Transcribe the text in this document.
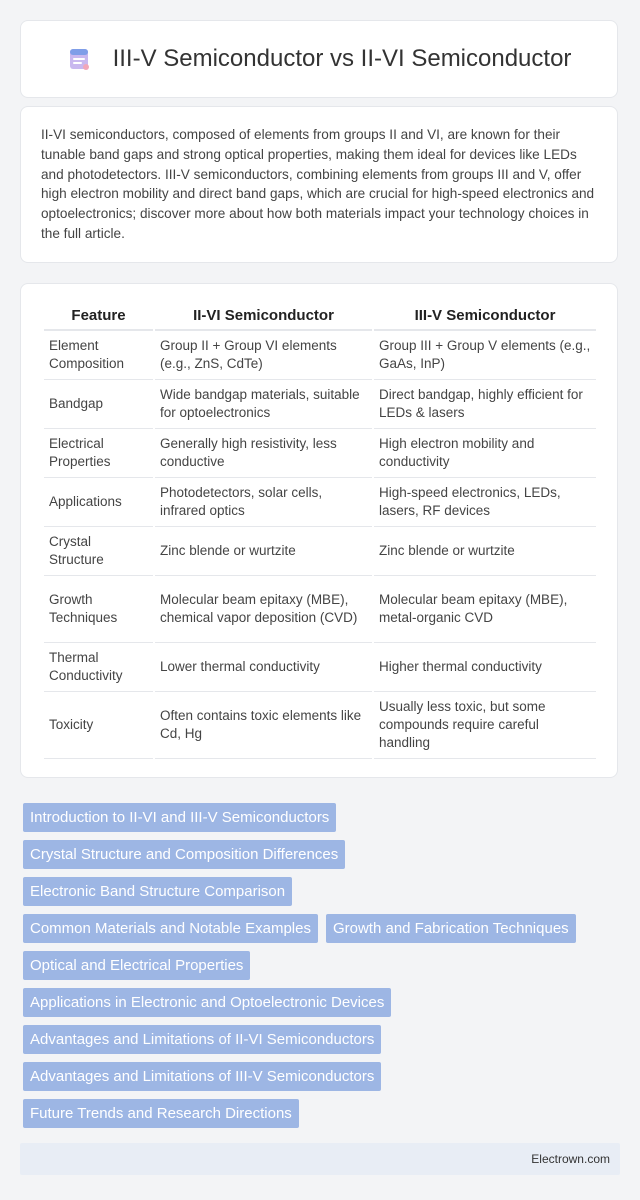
III-V Semiconductor vs II-VI Semiconductor

II-VI semiconductors, composed of elements from groups II and VI, are known for their tunable band gaps and strong optical properties, making them ideal for devices like LEDs and photodetectors. III-V semiconductors, combining elements from groups III and V, offer high electron mobility and direct band gaps, which are crucial for high-speed electronics and optoelectronics; discover more about how both materials impact your technology choices in the full article.

Feature	II-VI Semiconductor	III-V Semiconductor
Element Composition	Group II + Group VI elements (e.g., ZnS, CdTe)	Group III + Group V elements (e.g., GaAs, InP)
Bandgap	Wide bandgap materials, suitable for optoelectronics	Direct bandgap, highly efficient for LEDs & lasers
Electrical Properties	Generally high resistivity, less conductive	High electron mobility and conductivity
Applications	Photodetectors, solar cells, infrared optics	High-speed electronics, LEDs, lasers, RF devices
Crystal Structure	Zinc blende or wurtzite	Zinc blende or wurtzite
Growth Techniques	Molecular beam epitaxy (MBE), chemical vapor deposition (CVD)	Molecular beam epitaxy (MBE), metal-organic CVD
Thermal Conductivity	Lower thermal conductivity	Higher thermal conductivity
Toxicity	Often contains toxic elements like Cd, Hg	Usually less toxic, but some compounds require careful handling
Introduction to II-VI and III-V Semiconductors
Crystal Structure and Composition Differences
Electronic Band Structure Comparison
Common Materials and Notable Examples	Growth and Fabrication Techniques
Optical and Electrical Properties
Applications in Electronic and Optoelectronic Devices
Advantages and Limitations of II-VI Semiconductors
Advantages and Limitations of III-V Semiconductors
Future Trends and Research Directions
Electrown.com
